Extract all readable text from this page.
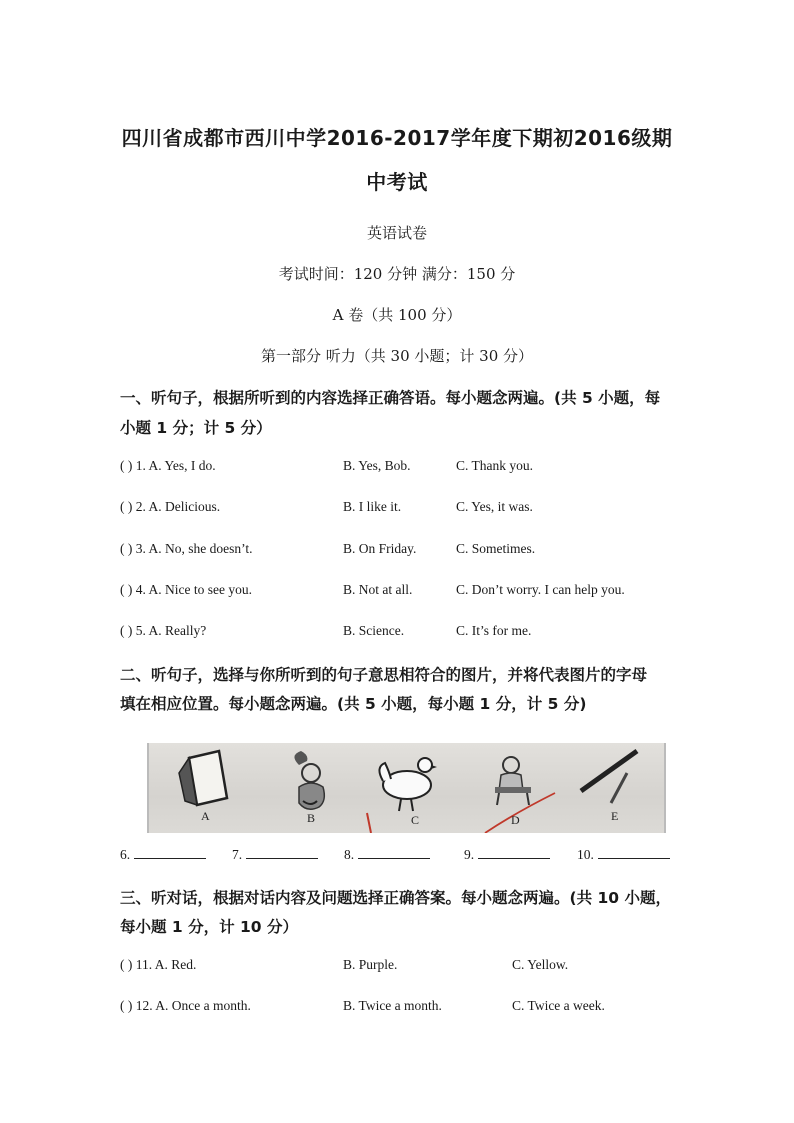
四川省成都市西川中学2016-2017学年度下期初2016级期
中考试
英语试卷
考试时间：120 分钟 满分：150 分
A 卷（共 100 分）
第一部分 听力（共 30 小题；计 30 分）
一、听句子，根据所听到的内容选择正确答语。每小题念两遍。(共 5 小题，每
小题 1 分；计 5 分）
( ) 1. A. Yes, I do.	B. Yes, Bob.	C. Thank you.
( ) 2. A. Delicious.	B. I like it.	C. Yes, it was.
( ) 3. A. No, she doesn’t.	B. On Friday.	C. Sometimes.
( ) 4. A. Nice to see you.	B. Not at all.	C. Don’t worry. I can help you.
( ) 5. A. Really?	B. Science.	C. It’s for me.
二、听句子，选择与你所听到的句子意思相符合的图片，并将代表图片的字母
填在相应位置。每小题念两遍。(共 5 小题，每小题 1 分，计 5 分)
A	B	C	D	E
6.	7.	8.	9.	10.
三、听对话，根据对话内容及问题选择正确答案。每小题念两遍。(共 10 小题，
每小题 1 分，计 10 分）
( ) 11. A. Red.	B. Purple.	C. Yellow.
( ) 12. A. Once a month.	B. Twice a month.	C. Twice a week.
